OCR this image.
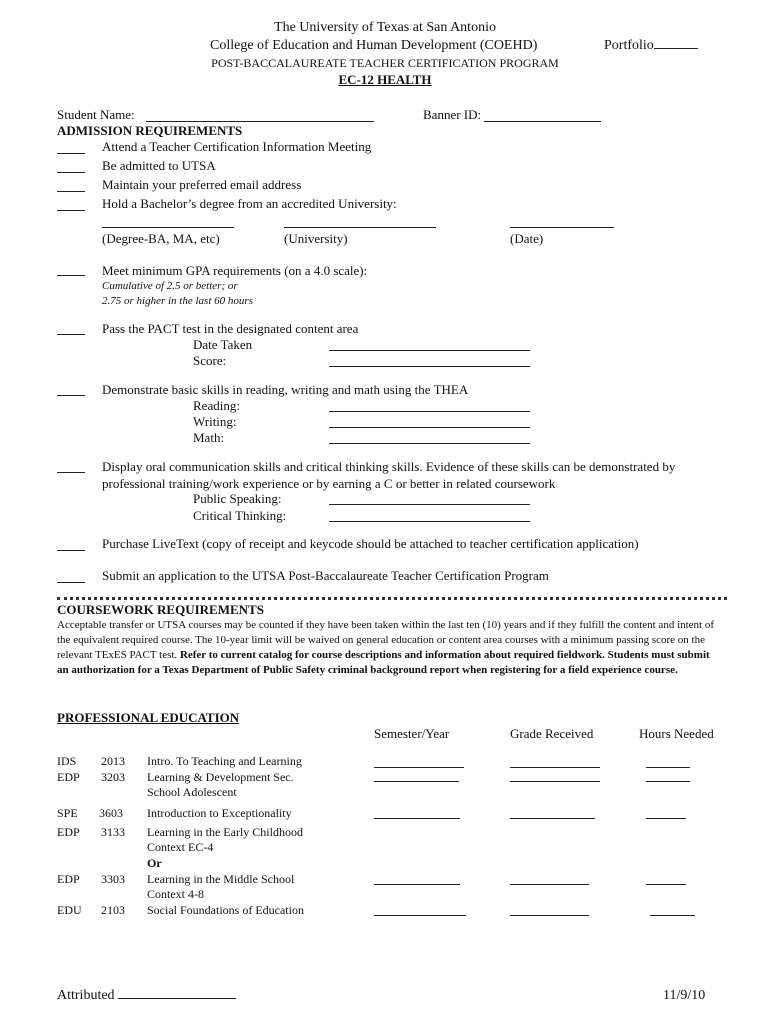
The University of Texas at San Antonio
College of Education and Human Development (COEHD)	Portfolio
POST-BACCALAUREATE TEACHER CERTIFICATION PROGRAM
EC-12 HEALTH
Student Name:	Banner ID:
ADMISSION REQUIREMENTS
Attend a Teacher Certification Information Meeting
Be admitted to UTSA
Maintain your preferred email address
Hold a Bachelor’s degree from an accredited University:
(Degree-BA, MA, etc)	(University)	(Date)
Meet minimum GPA requirements (on a 4.0 scale):
Cumulative of 2.5 or better; or
2.75 or higher in the last 60 hours
Pass the PACT test in the designated content area
Date Taken
Score:
Demonstrate basic skills in reading, writing and math using the THEA
Reading:
Writing:
Math:
Display oral communication skills and critical thinking skills. Evidence of these skills can be demonstrated by professional training/work experience or by earning a C or better in related coursework
Public Speaking:
Critical Thinking:
Purchase LiveText (copy of receipt and keycode should be attached to teacher certification application)
Submit an application to the UTSA Post-Baccalaureate Teacher Certification Program
COURSEWORK REQUIREMENTS
Acceptable transfer or UTSA courses may be counted if they have been taken within the last ten (10) years and if they fulfill the content and intent of the equivalent required course. The 10-year limit will be waived on general education or content area courses with a minimum passing score on the relevant TExES PACT test. Refer to current catalog for course descriptions and information about required fieldwork. Students must submit an authorization for a Texas Department of Public Safety criminal background report when registering for a field experience course.
PROFESSIONAL EDUCATION
Semester/Year	Grade Received	Hours Needed
IDS 2013 Intro. To Teaching and Learning
EDP 3203 Learning & Development Sec.
School Adolescent
SPE 3603 Introduction to Exceptionality
EDP 3133 Learning in the Early Childhood
Context EC-4
Or
EDP 3303 Learning in the Middle School
Context 4-8
EDU 2103 Social Foundations of Education
Attributed	11/9/10
